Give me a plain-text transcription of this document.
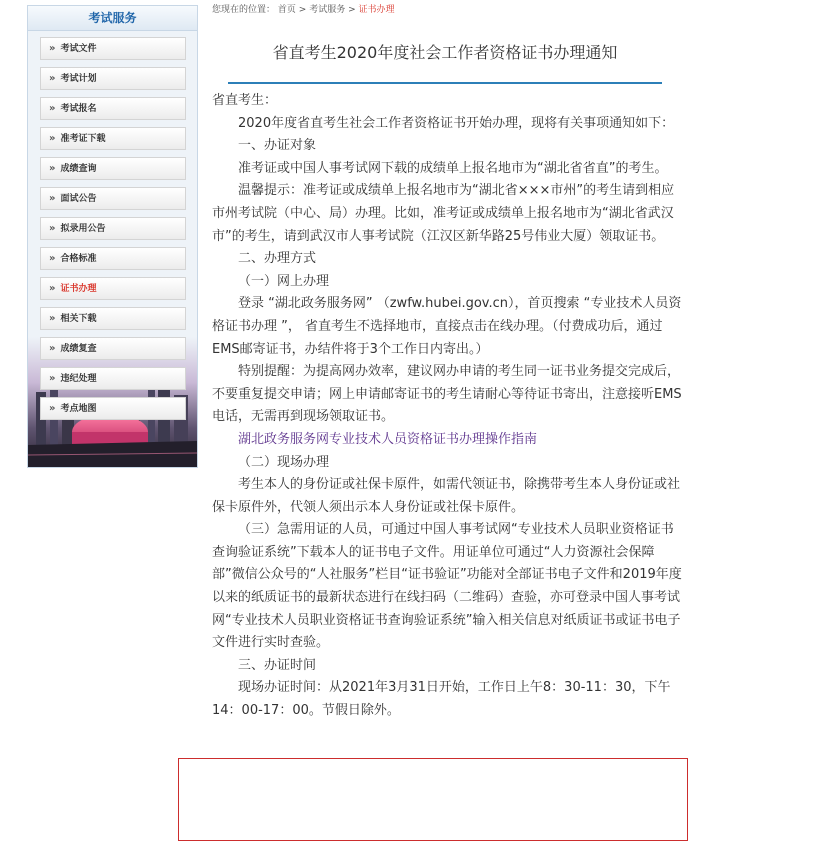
考试服务
» 考试文件
» 考试计划
» 考试报名
» 准考证下载
» 成绩查询
» 面试公告
» 拟录用公告
» 合格标准
» 证书办理
» 相关下载
» 成绩复查
» 违纪处理
» 考点地图
您现在的位置： 首页 > 考试服务 > 证书办理
省直考生2020年度社会工作者资格证书办理通知

省直考生：

2020年度省直考生社会工作者资格证书开始办理，现将有关事项通知如下：

一、办证对象

准考证或中国人事考试网下载的成绩单上报名地市为“湖北省省直”的考生。

温馨提示：准考证或成绩单上报名地市为“湖北省×××市州”的考生请到相应市州考试院（中心、局）办理。比如，准考证或成绩单上报名地市为“湖北省武汉市”的考生，请到武汉市人事考试院（江汉区新华路25号伟业大厦）领取证书。

二、办理方式

（一）网上办理

登录 “湖北政务服务网” （zwfw.hubei.gov.cn），首页搜索 “专业技术人员资格证书办理 ”， 省直考生不选择地市，直接点击在线办理。（付费成功后，通过EMS邮寄证书，办结件将于3个工作日内寄出。）

特别提醒：为提高网办效率，建议网办申请的考生同一证书业务提交完成后，不要重复提交申请；网上申请邮寄证书的考生请耐心等待证书寄出，注意接听EMS电话，无需再到现场领取证书。

湖北政务服务网专业技术人员资格证书办理操作指南

（二）现场办理

考生本人的身份证或社保卡原件，如需代领证书，除携带考生本人身份证或社保卡原件外，代领人须出示本人身份证或社保卡原件。

（三）急需用证的人员，可通过中国人事考试网“专业技术人员职业资格证书查询验证系统”下载本人的证书电子文件。用证单位可通过“人力资源社会保障部”微信公众号的“人社服务”栏目“证书验证”功能对全部证书电子文件和2019年度以来的纸质证书的最新状态进行在线扫码（二维码）查验，亦可登录中国人事考试网“专业技术人员职业资格证书查询验证系统”输入相关信息对纸质证书或证书电子文件进行实时查验。

三、办证时间

现场办证时间：从2021年3月31日开始，工作日上午8：30-11：30，下午14：00-17：00。节假日除外。
